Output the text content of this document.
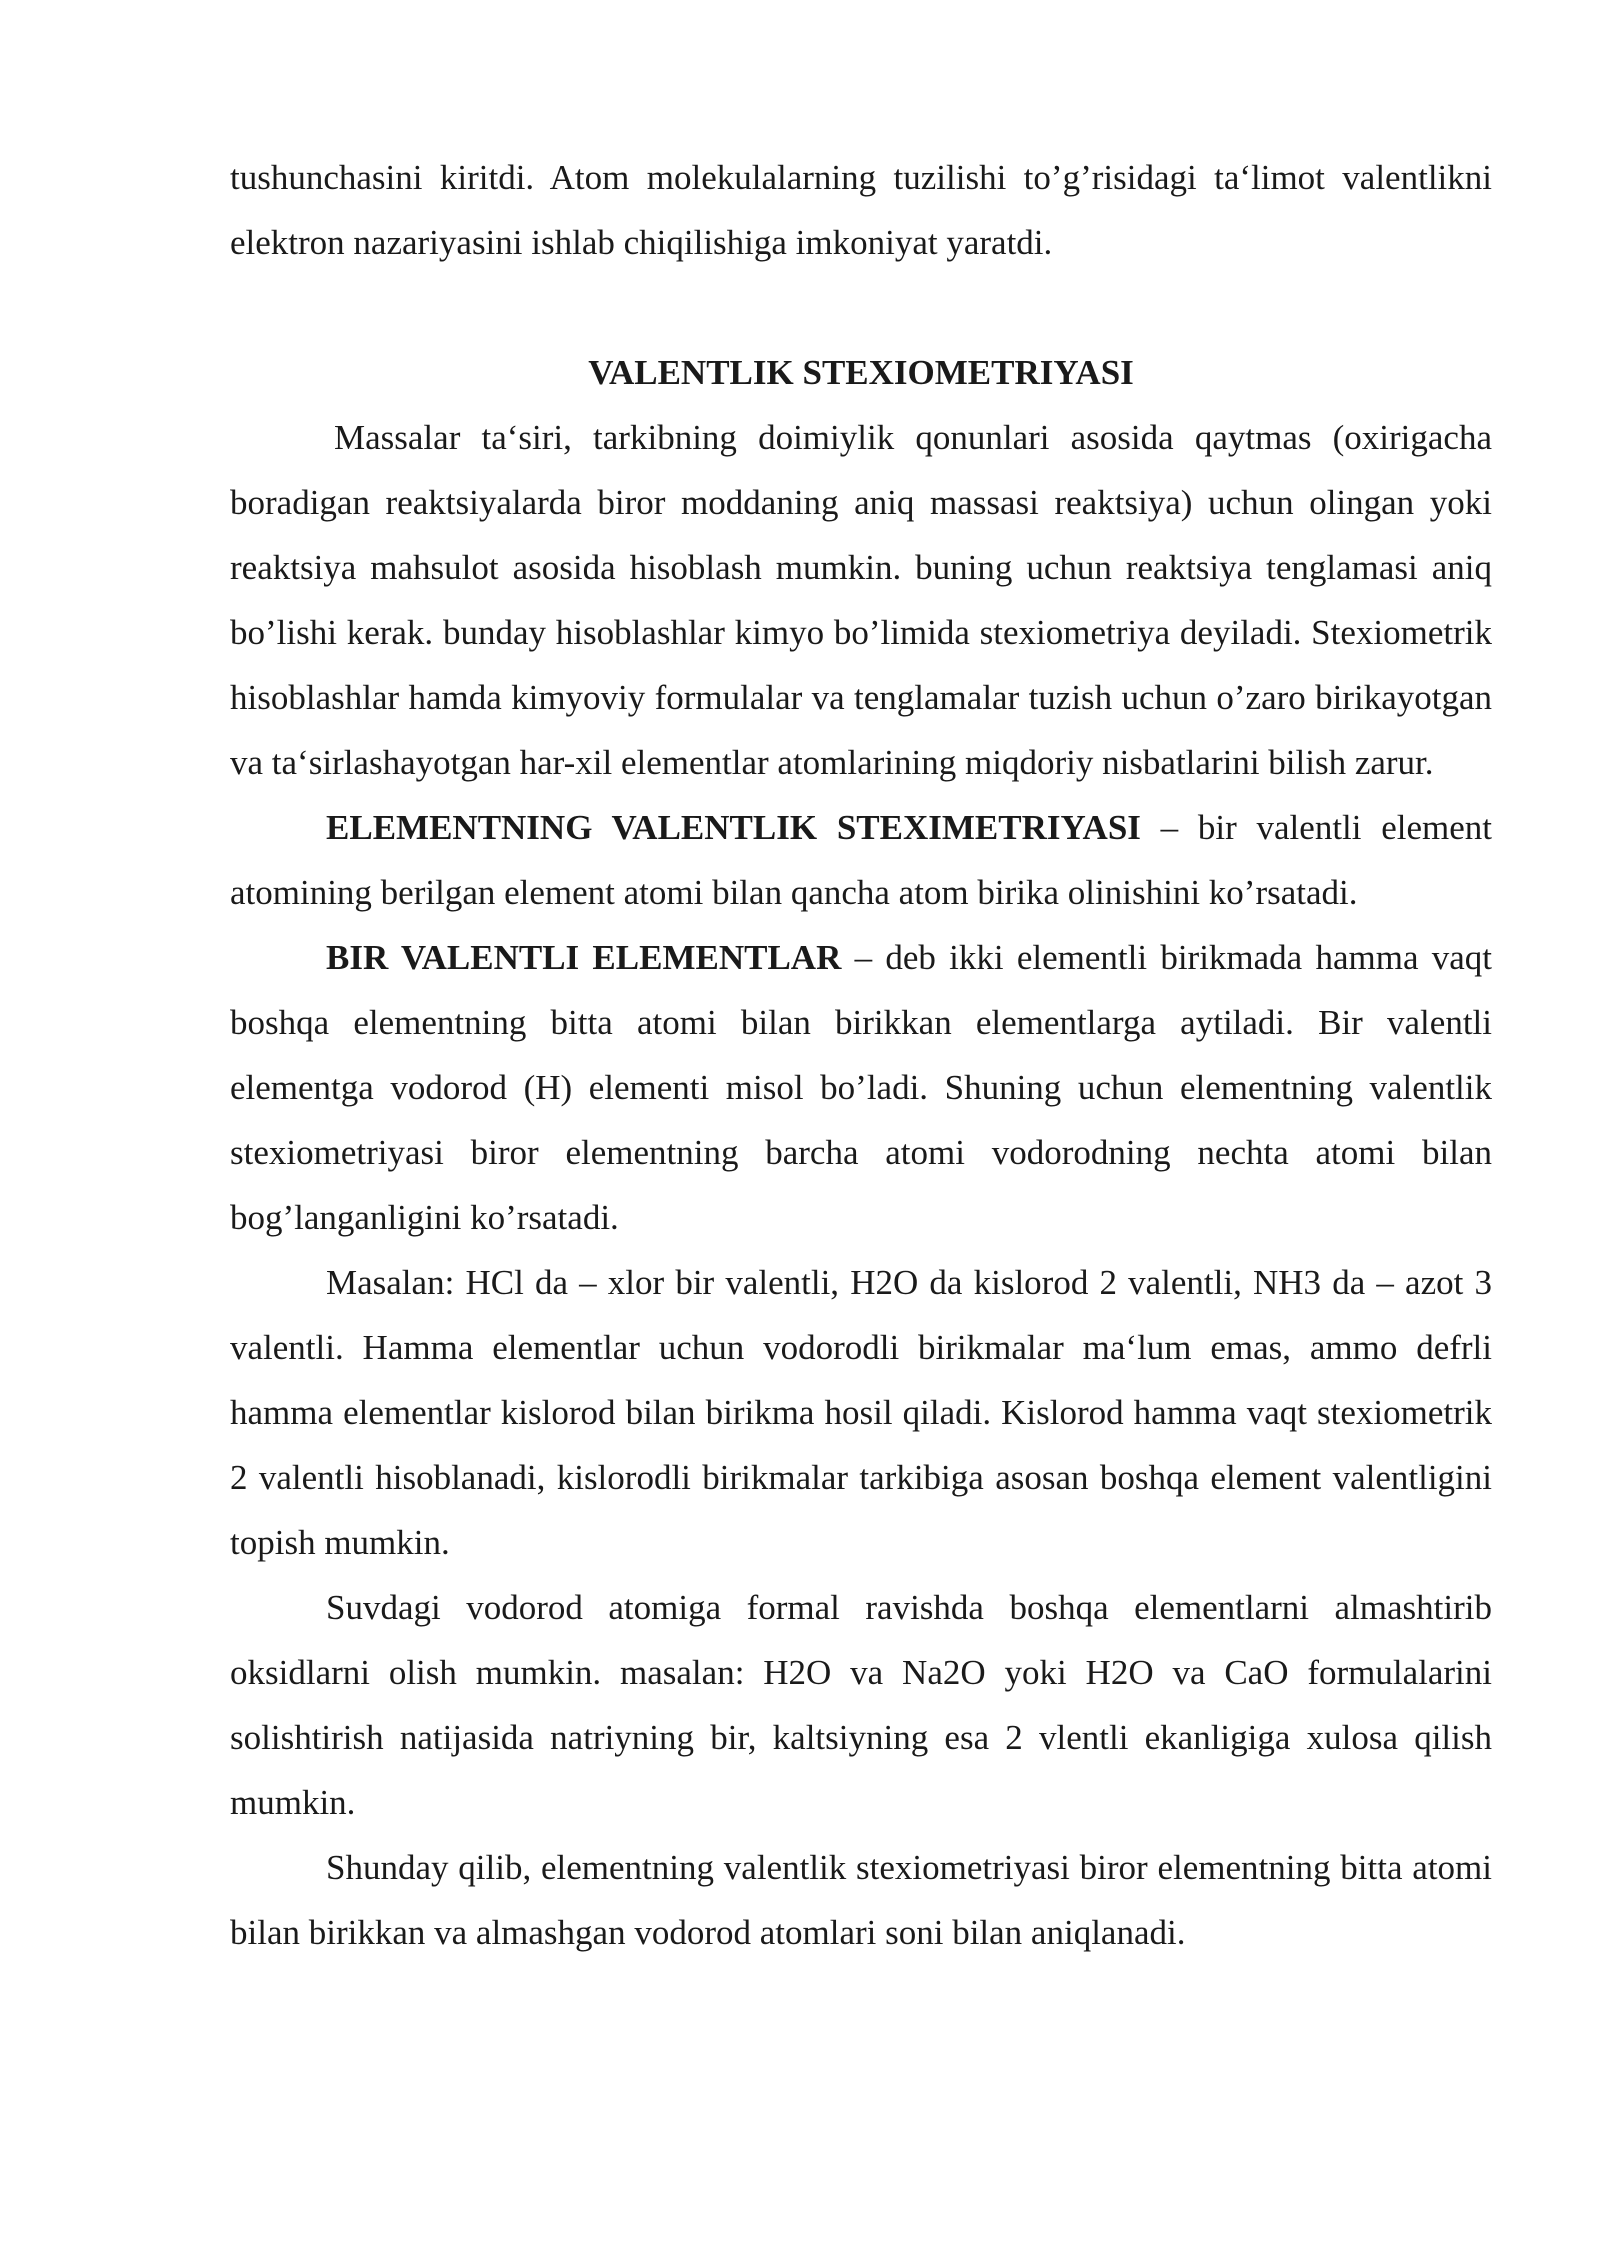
tushunchasini kiritdi. Atom molekulalarning tuzilishi to’g’risidagi ta‘limot valentlikni elektron nazariyasini ishlab chiqilishiga imkoniyat yaratdi.

VALENTLIK STEXIOMETRIYASI

Massalar ta‘siri, tarkibning doimiylik qonunlari asosida qaytmas (oxirigacha boradigan reaktsiyalarda biror moddaning aniq massasi reaktsiya) uchun olingan yoki reaktsiya mahsulot asosida hisoblash mumkin. buning uchun reaktsiya tenglamasi aniq bo’lishi kerak. bunday hisoblashlar kimyo bo’limida stexiometriya deyiladi. Stexiometrik hisoblashlar hamda kimyoviy formulalar va tenglamalar tuzish uchun o’zaro birikayotgan va ta‘sirlashayotgan har-xil elementlar atomlarining miqdoriy nisbatlarini bilish zarur.

ELEMENTNING VALENTLIK STEXIMETRIYASI – bir valentli element atomining berilgan element atomi bilan qancha atom birika olinishini ko’rsatadi.

BIR VALENTLI ELEMENTLAR – deb ikki elementli birikmada hamma vaqt boshqa elementning bitta atomi bilan birikkan elementlarga aytiladi. Bir valentli elementga vodorod (H) elementi misol bo’ladi. Shuning uchun elementning valentlik stexiometriyasi biror elementning barcha atomi vodorodning nechta atomi bilan bog’langanligini ko’rsatadi.

Masalan: HCl da – xlor bir valentli, H2O da kislorod 2 valentli, NH3 da – azot 3 valentli. Hamma elementlar uchun vodorodli birikmalar ma‘lum emas, ammo defrli hamma elementlar kislorod bilan birikma hosil qiladi. Kislorod hamma vaqt stexiometrik 2 valentli hisoblanadi, kislorodli birikmalar tarkibiga asosan boshqa element valentligini topish mumkin.

Suvdagi vodorod atomiga formal ravishda boshqa elementlarni almashtirib oksidlarni olish mumkin. masalan: H2O va Na2O yoki H2O va CaO formulalarini solishtirish natijasida natriyning bir, kaltsiyning esa 2 vlentli ekanligiga xulosa qilish mumkin.

Shunday qilib, elementning valentlik stexiometriyasi biror elementning bitta atomi bilan birikkan va almashgan vodorod atomlari soni bilan aniqlanadi.
